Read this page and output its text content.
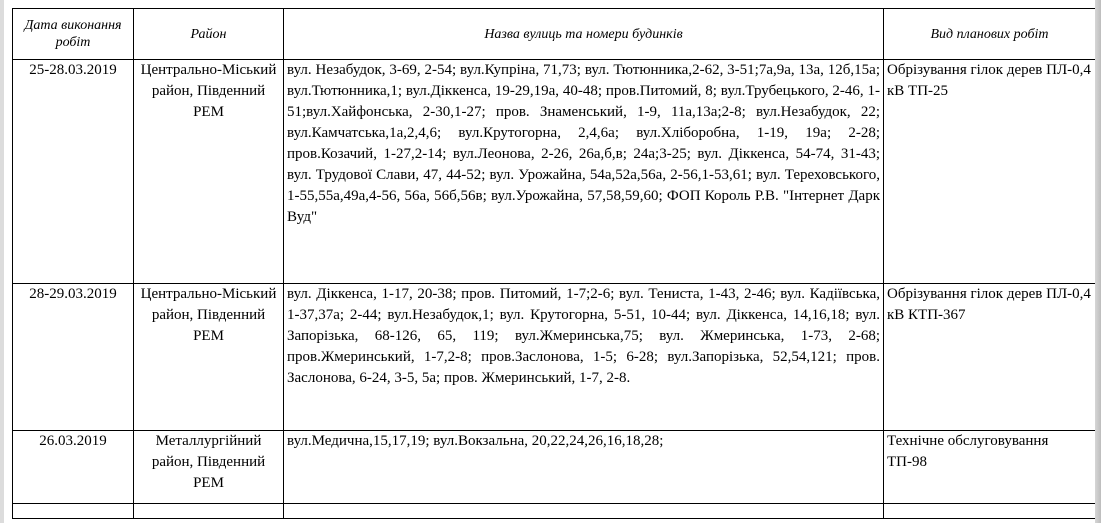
Дата виконання робіт	Район	Назва вулиць та номери будинків	Вид планових робіт
25-28.03.2019	Центрально-Міський район, Південний РЕМ	вул. Незабудок, 3-69, 2-54; вул.Купріна, 71,73; вул. Тютюнника,2-62, 3-51;7а,9а, 13а, 12б,15а; вул.Тютюнника,1; вул.Діккенса, 19-29,19а, 40-48; пров.Питомий, 8; вул.Трубецького, 2-46, 1-51;вул.Хайфонська, 2-30,1-27; пров. Знаменський, 1-9, 11а,13а;2-8; вул.Незабудок, 22; вул.Камчатська,1а,2,4,6; вул.Крутогорна, 2,4,6а; вул.Хліборобна, 1-19, 19а; 2-28; пров.Козачий, 1-27,2-14; вул.Леонова, 2-26, 26а,б,в; 24а;3-25; вул. Діккенса, 54-74, 31-43; вул. Трудової Слави, 47, 44-52; вул. Урожайна, 54а,52а,56а, 2-56,1-53,61; вул. Тереховського, 1-55,55а,49а,4-56, 56а, 56б,56в; вул.Урожайна, 57,58,59,60; ФОП Король Р.В. "Інтернет Дарк Вуд"	Обрізування гілок дерев ПЛ-0,4 кВ ТП-25
28-29.03.2019	Центрально-Міський район, Південний РЕМ	вул. Діккенса, 1-17, 20-38; пров. Питомий, 1-7;2-6; вул. Тениста, 1-43, 2-46; вул. Кадіївська, 1-37,37а; 2-44; вул.Незабудок,1; вул. Крутогорна, 5-51, 10-44; вул. Діккенса, 14,16,18; вул. Запорізька, 68-126, 65, 119; вул.Жмеринська,75; вул. Жмеринська, 1-73, 2-68; пров.Жмеринський, 1-7,2-8; пров.Заслонова, 1-5; 6-28; вул.Запорізька, 52,54,121; пров. Заслонова, 6-24, 3-5, 5а; пров. Жмеринський, 1-7, 2-8.	Обрізування гілок дерев ПЛ-0,4 кВ КТП-367
26.03.2019	Металлургійний район, Південний РЕМ	вул.Медична,15,17,19; вул.Вокзальна, 20,22,24,26,16,18,28;	Технічне обслуговування ТП-98
